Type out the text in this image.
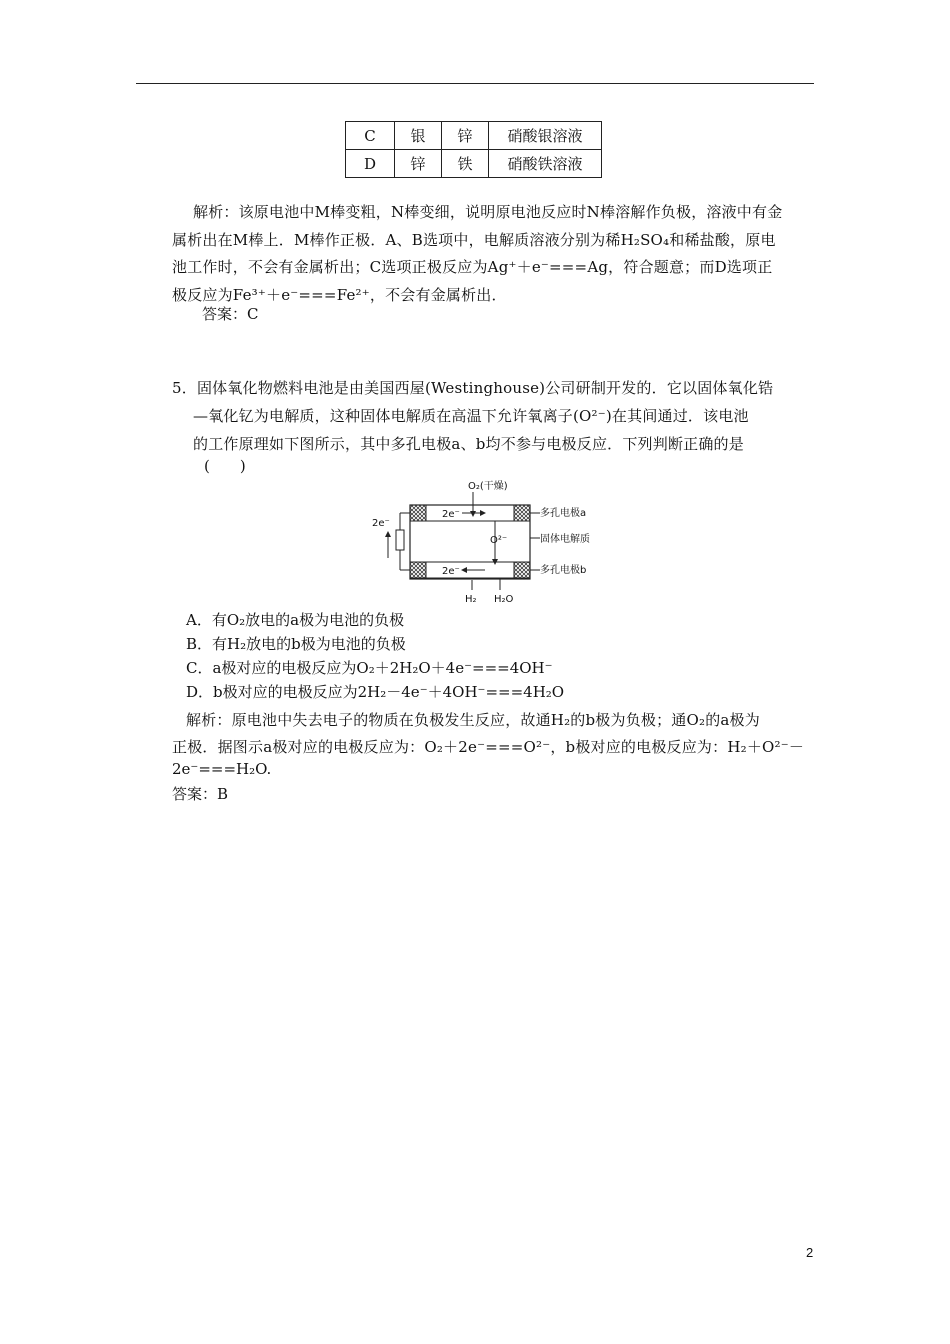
C	银	锌	硝酸银溶液
D	锌	铁	硝酸铁溶液
解析：该原电池中M棒变粗，N棒变细，说明原电池反应时N棒溶解作负极，溶液中有金
属析出在M棒上．M棒作正极．A、B选项中，电解质溶液分别为稀H₂SO₄和稀盐酸，原电
池工作时，不会有金属析出；C选项正极反应为Ag⁺＋e⁻===Ag，符合题意；而D选项正
极反应为Fe³⁺＋e⁻===Fe²⁺，不会有金属析出．
答案：C
5．固体氧化物燃料电池是由美国西屋(Westinghouse)公司研制开发的．它以固体氧化锆
—氧化钇为电解质，这种固体电解质在高温下允许氧离子(O²⁻)在其间通过．该电池
的工作原理如下图所示，其中多孔电极a、b均不参与电极反应．下列判断正确的是
(　　)
O₂(干燥)
2e⁻
O²⁻
2e⁻
2e⁻
多孔电极a
固体电解质
多孔电极b
H₂ H₂O
A．有O₂放电的a极为电池的负极
B．有H₂放电的b极为电池的负极
C．a极对应的电极反应为O₂＋2H₂O＋4e⁻===4OH⁻
D．b极对应的电极反应为2H₂－4e⁻＋4OH⁻===4H₂O
解析：原电池中失去电子的物质在负极发生反应，故通H₂的b极为负极；通O₂的a极为
正极．据图示a极对应的电极反应为：O₂＋2e⁻===O²⁻，b极对应的电极反应为：H₂＋O²⁻－
2e⁻===H₂O.
答案：B
2
